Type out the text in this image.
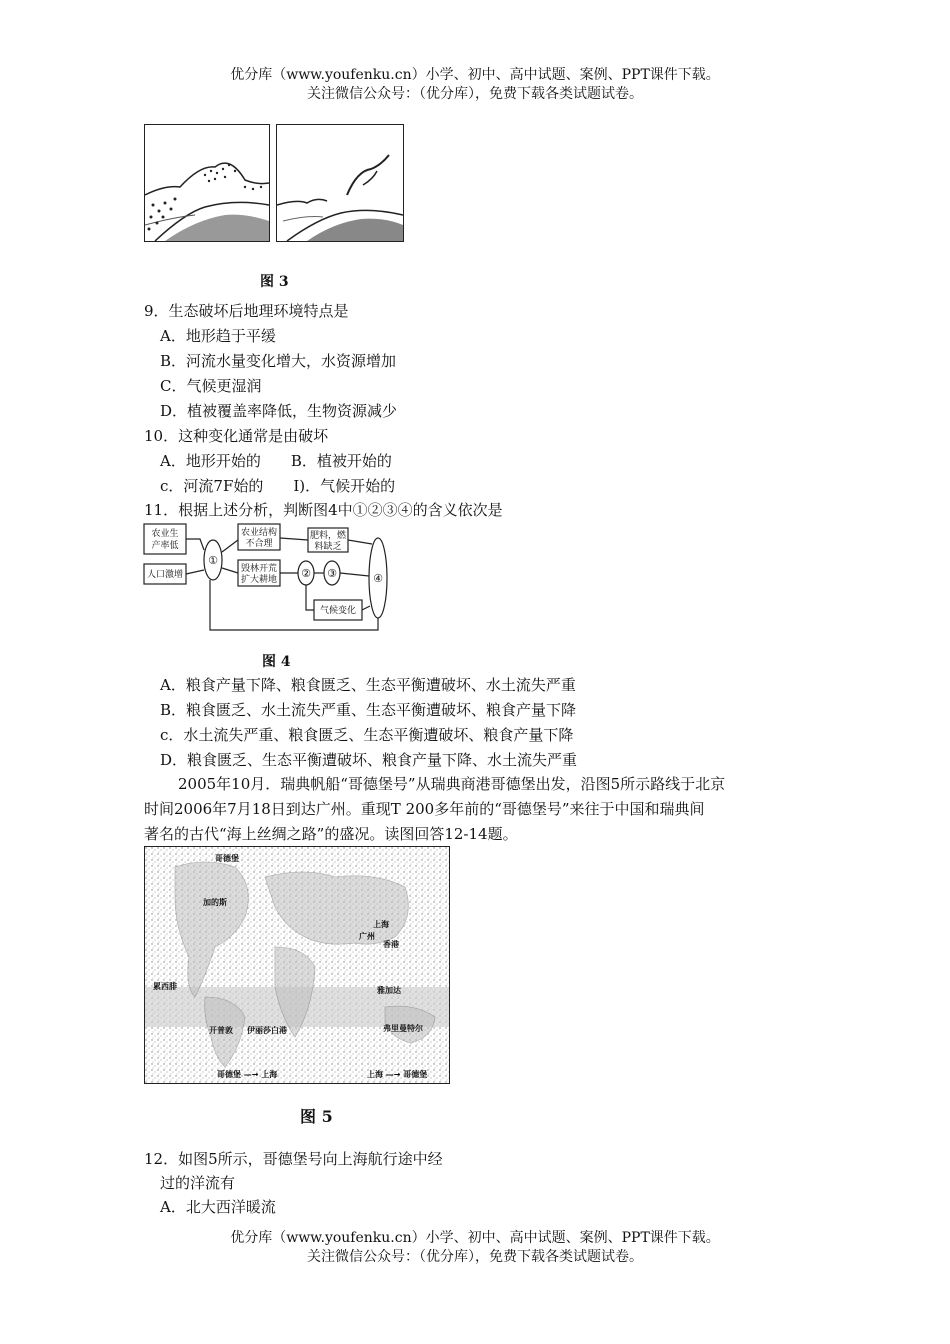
优分库（www.youfenku.cn）小学、初中、高中试题、案例、PPT课件下载。
关注微信公众号：（优分库），免费下载各类试题试卷。
图 3
9．生态破坏后地理环境特点是
A．地形趋于平缓
B．河流水量变化增大，水资源增加
C．气候更湿润
D．植被覆盖率降低，生物资源减少
10．这种变化通常是由破坏
A．地形开始的　　B．植被开始的
c．河流7F始的　　I)．气候开始的
11．根据上述分析，判断图4中①②③④的含义依次是
农业生
产率低
人口激增
农业结构
不合理
肥料，燃
料缺乏
毁林开荒
扩大耕地
气候变化
①
② ③	④
图 4
A．粮食产量下降、粮食匮乏、生态平衡遭破坏、水土流失严重
B．粮食匮乏、水土流失严重、生态平衡遭破坏、粮食产量下降
c．水土流失严重、粮食匮乏、生态平衡遭破坏、粮食产量下降
D．粮食匮乏、生态平衡遭破坏、粮食产量下降、水土流失严重
2005年10月．瑞典帆船“哥德堡号”从瑞典商港哥德堡出发，沿图5所示路线于北京
时间2006年7月18日到达广州。重现T 200多年前的“哥德堡号”来往于中国和瑞典间
著名的古代“海上丝绸之路”的盛况。读图回答12-14题。
哥德堡
加的斯
上海
广州
香港
累西腓	雅加达
开普敦 伊丽莎白港	弗里曼特尔
哥德堡 —→ 上海	上海 —→ 哥德堡
图 5
12．如图5所示，哥德堡号向上海航行途中经
过的洋流有
A．北大西洋暖流
优分库（www.youfenku.cn）小学、初中、高中试题、案例、PPT课件下载。
关注微信公众号：（优分库），免费下载各类试题试卷。
